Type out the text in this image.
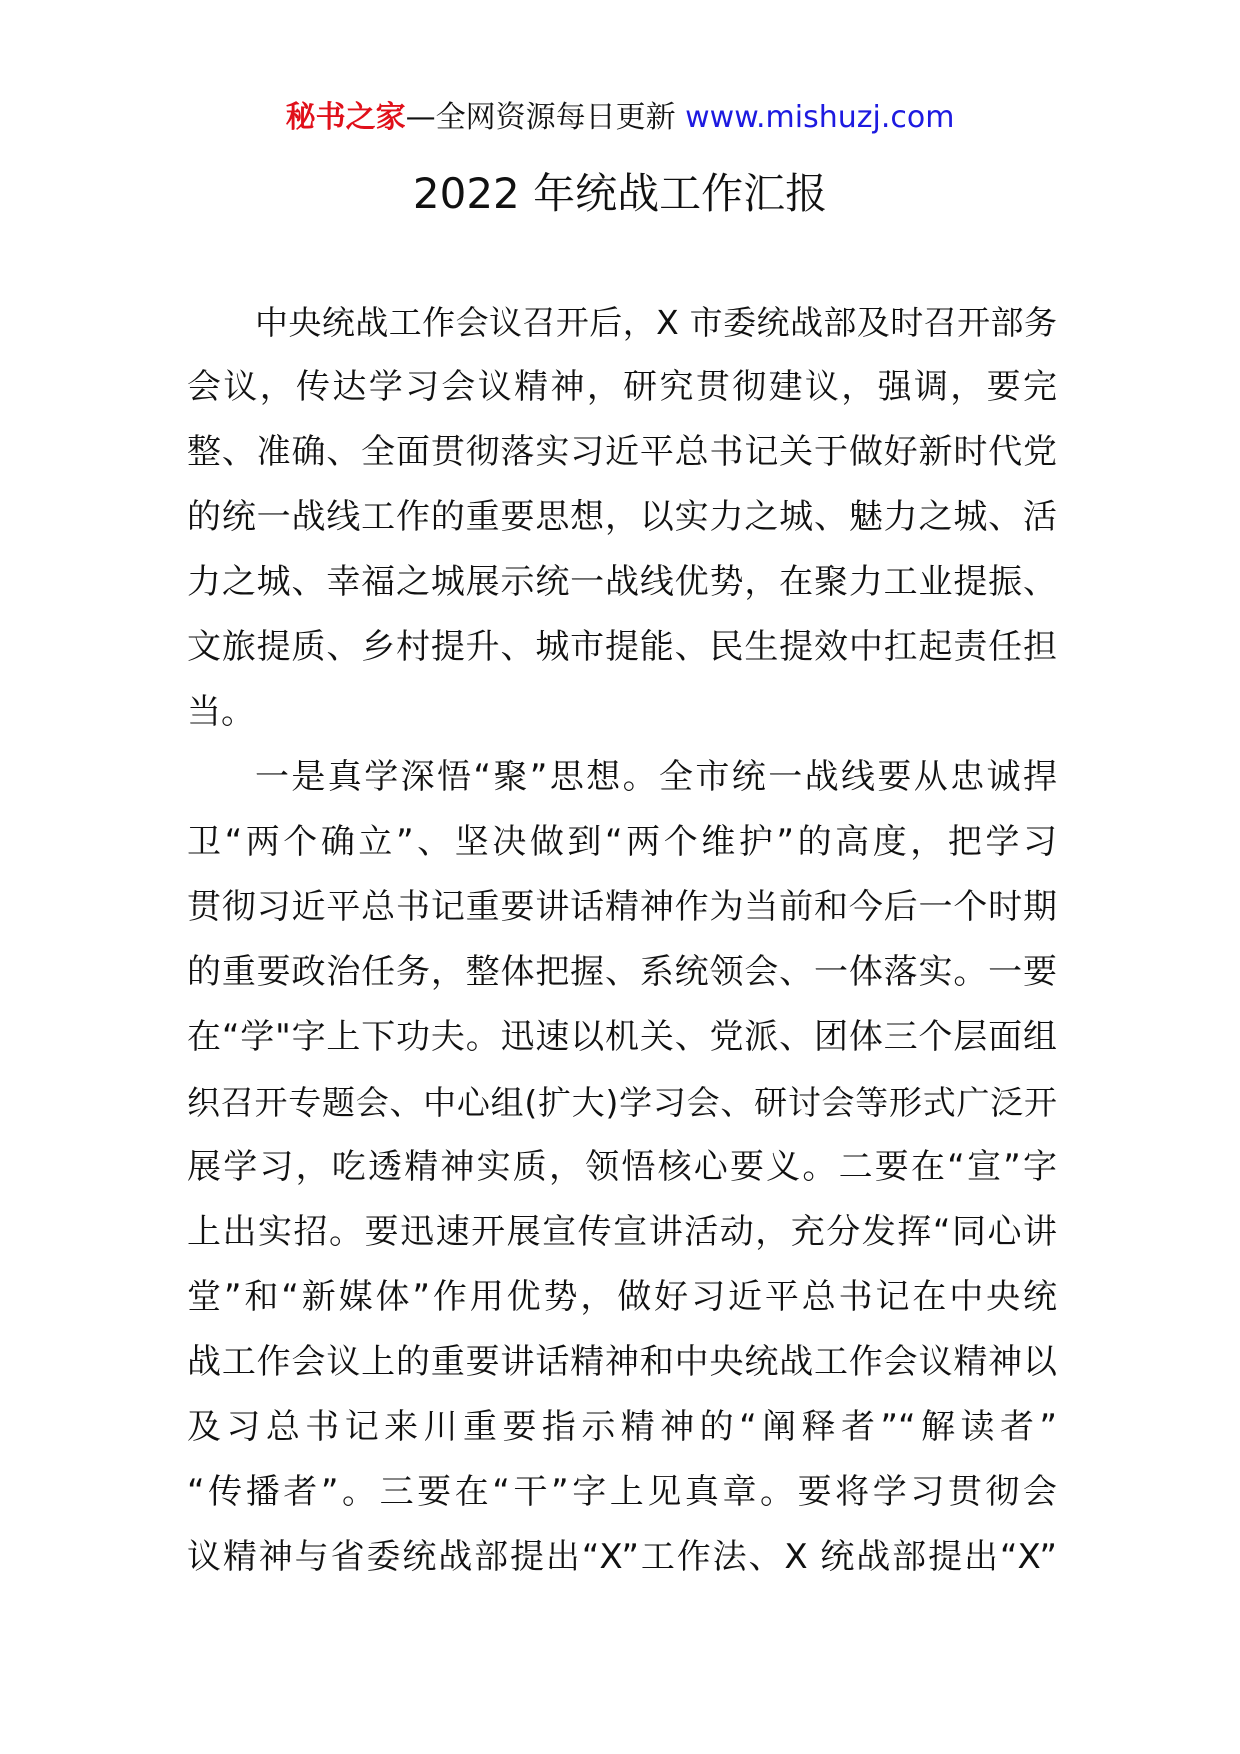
秘书之家—全网资源每日更新 www.mishuzj.com
2022 年统战工作汇报
中央统战工作会议召开后，X 市委统战部及时召开部务
会议，传达学习会议精神，研究贯彻建议，强调，要完
整、准确、全面贯彻落实习近平总书记关于做好新时代党
的统一战线工作的重要思想，以实力之城、魅力之城、活
力之城、幸福之城展示统一战线优势，在聚力工业提振、
文旅提质、乡村提升、城市提能、民生提效中扛起责任担
当。
一是真学深悟“聚”思想。全市统一战线要从忠诚捍
卫“两个确立”、坚决做到“两个维护”的高度，把学习
贯彻习近平总书记重要讲话精神作为当前和今后一个时期
的重要政治任务，整体把握、系统领会、一体落实。一要
在“学"字上下功夫。迅速以机关、党派、团体三个层面组
织召开专题会、中心组(扩大)学习会、研讨会等形式广泛开
展学习，吃透精神实质，领悟核心要义。二要在“宣”字
上出实招。要迅速开展宣传宣讲活动，充分发挥“同心讲
堂”和“新媒体”作用优势，做好习近平总书记在中央统
战工作会议上的重要讲话精神和中央统战工作会议精神以
及习总书记来川重要指示精神的“阐释者”“解读者”
“传播者”。三要在“干”字上见真章。要将学习贯彻会
议精神与省委统战部提出“X”工作法、X 统战部提出“X”
